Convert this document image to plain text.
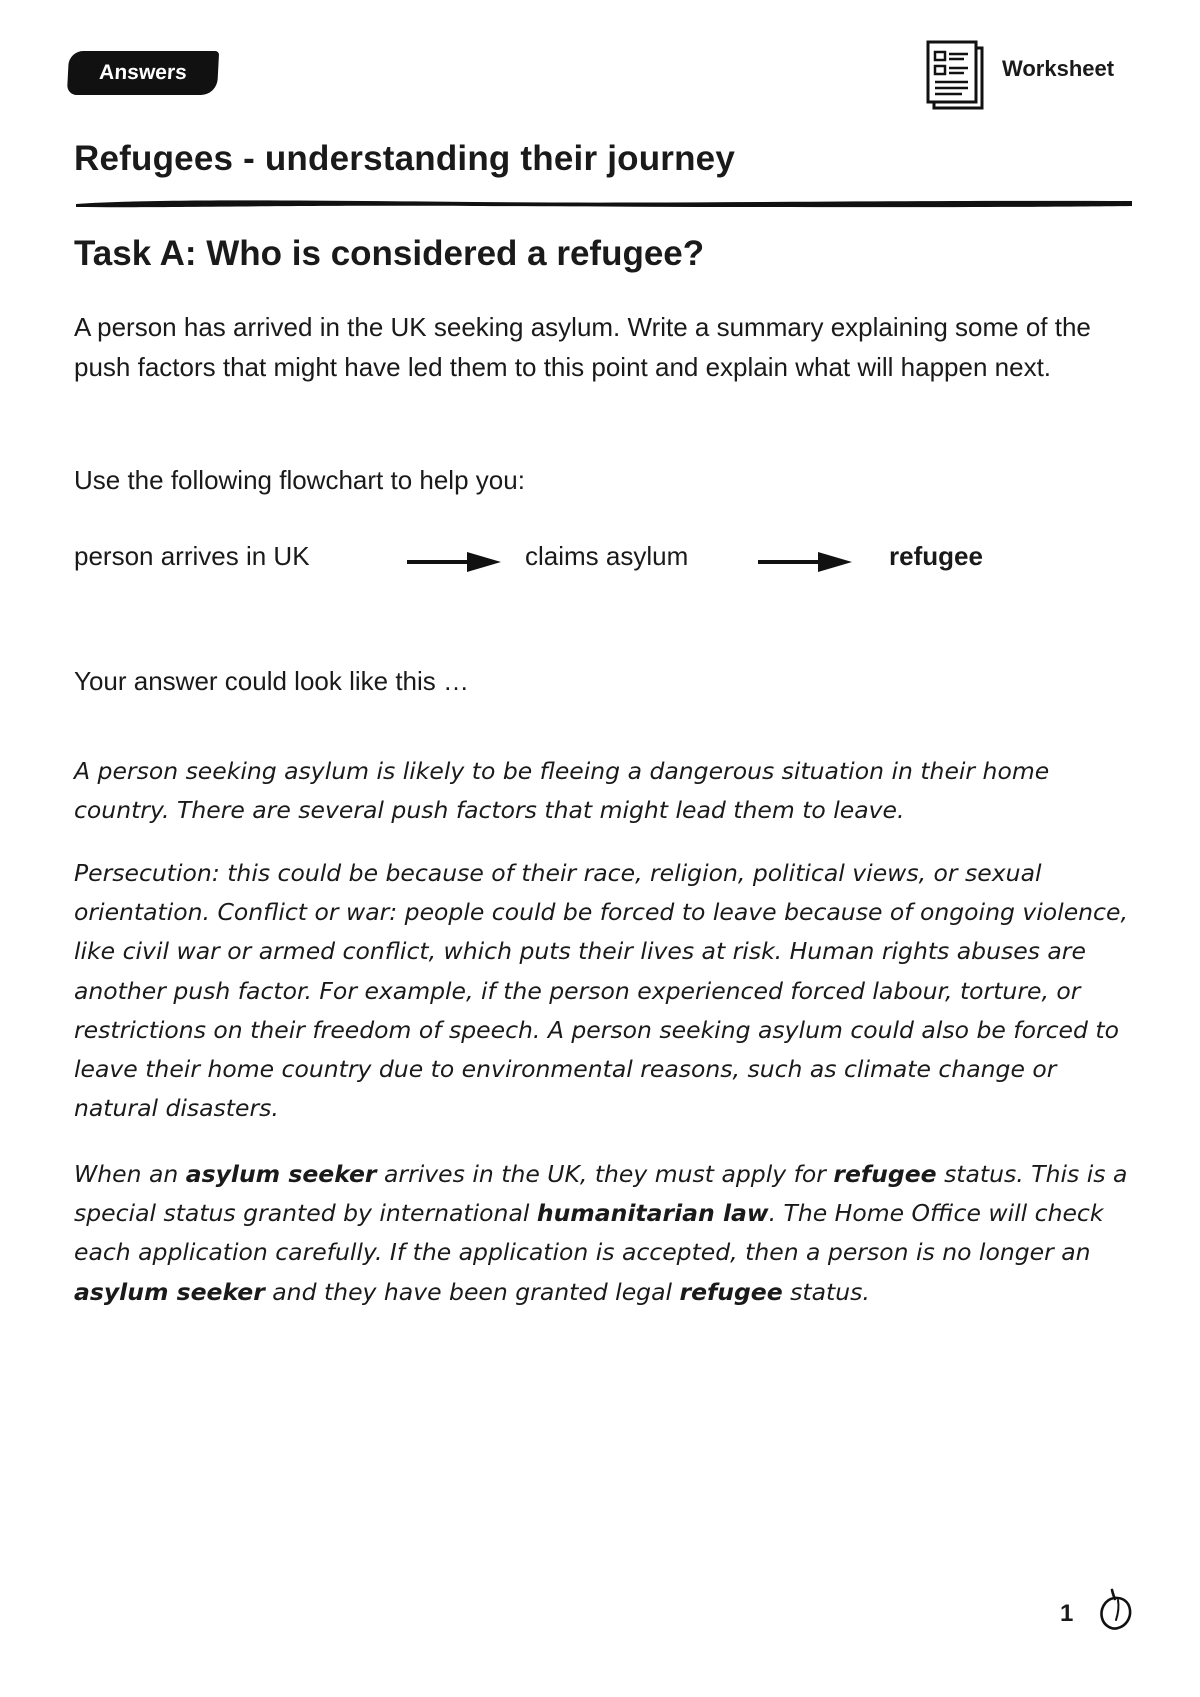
Answers	Worksheet
Refugees - understanding their journey
Task A: Who is considered a refugee?

A person has arrived in the UK seeking asylum. Write a summary explaining some of the push factors that might have led them to this point and explain what will happen next.

Use the following flowchart to help you:

person arrives in UK	claims asylum	refugee

Your answer could look like this …

A person seeking asylum is likely to be fleeing a dangerous situation in their home country. There are several push factors that might lead them to leave.

Persecution: this could be because of their race, religion, political views, or sexual orientation. Conflict or war: people could be forced to leave because of ongoing violence, like civil war or armed conflict, which puts their lives at risk. Human rights abuses are another push factor. For example, if the person experienced forced labour, torture, or restrictions on their freedom of speech. A person seeking asylum could also be forced to leave their home country due to environmental reasons, such as climate change or natural disasters.

When an asylum seeker arrives in the UK, they must apply for refugee status. This is a special status granted by international humanitarian law. The Home Office will check each application carefully. If the application is accepted, then a person is no longer an asylum seeker and they have been granted legal refugee status.

1
